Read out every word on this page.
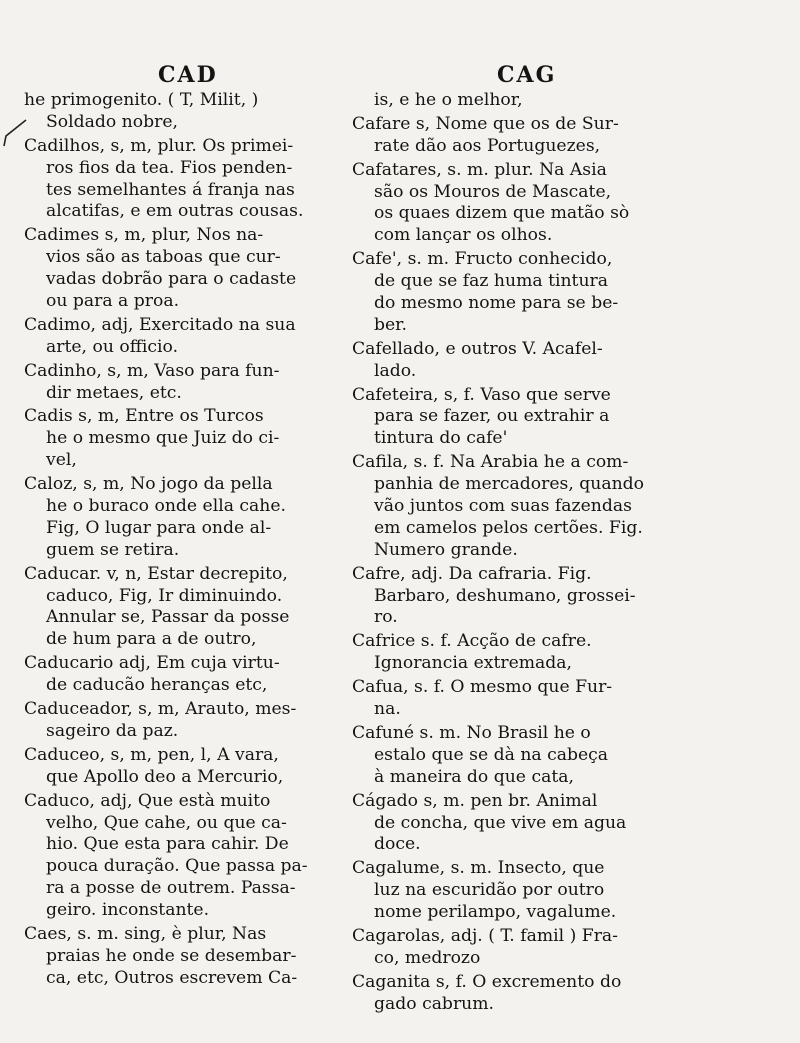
CAD	CAG
he primogenito. ( T, Milit, )
Soldado nobre,
Cadilhos, s, m, plur. Os primei-
ros fios da tea. Fios penden-
tes semelhantes á franja nas
alcatifas, e em outras cousas.
Cadimes s, m, plur, Nos na-
vios são as taboas que cur-
vadas dobrão para o cadaste
ou para a proa.
Cadimo, adj, Exercitado na sua
arte, ou officio.
Cadinho, s, m, Vaso para fun-
dir metaes, etc.
Cadis s, m, Entre os Turcos
he o mesmo que Juiz do ci-
vel,
Caloz, s, m, No jogo da pella
he o buraco onde ella cahe.
Fig, O lugar para onde al-
guem se retira.
Caducar. v, n, Estar decrepito,
caduco, Fig, Ir diminuindo.
Annular se, Passar da posse
de hum para a de outro,
Caducario adj, Em cuja virtu-
de caducão heranças etc,
Caduceador, s, m, Arauto, mes-
sageiro da paz.
Caduceo, s, m, pen, l, A vara,
que Apollo deo a Mercurio,
Caduco, adj, Que està muito
velho, Que cahe, ou que ca-
hio. Que esta para cahir. De
pouca duração. Que passa pa-
ra a posse de outrem. Passa-
geiro. inconstante.
Caes, s. m. sing, è plur, Nas
praias he onde se desembar-
ca, etc, Outros escrevem Ca-
is, e he o melhor,
Cafare s, Nome que os de Sur-
rate dão aos Portuguezes,
Cafatares, s. m. plur. Na Asia
são os Mouros de Mascate,
os quaes dizem que matão sò
com lançar os olhos.
Cafe', s. m. Fructo conhecido,
de que se faz huma tintura
do mesmo nome para se be-
ber.
Cafellado, e outros V. Acafel-
lado.
Cafeteira, s, f. Vaso que serve
para se fazer, ou extrahir a
tintura do cafe'
Cafila, s. f. Na Arabia he a com-
panhia de mercadores, quando
vão juntos com suas fazendas
em camelos pelos certões. Fig.
Numero grande.
Cafre, adj. Da cafraria. Fig.
Barbaro, deshumano, grossei-
ro.
Cafrice s. f. Acção de cafre.
Ignorancia extremada,
Cafua, s. f. O mesmo que Fur-
na.
Cafuné s. m. No Brasil he o
estalo que se dà na cabeça
à maneira do que cata,
Cágado s, m. pen br. Animal
de concha, que vive em agua
doce.
Cagalume, s. m. Insecto, que
luz na escuridão por outro
nome perilampo, vagalume.
Cagarolas, adj. ( T. famil ) Fra-
co, medrozo
Caganita s, f. O excremento do
gado cabrum.
